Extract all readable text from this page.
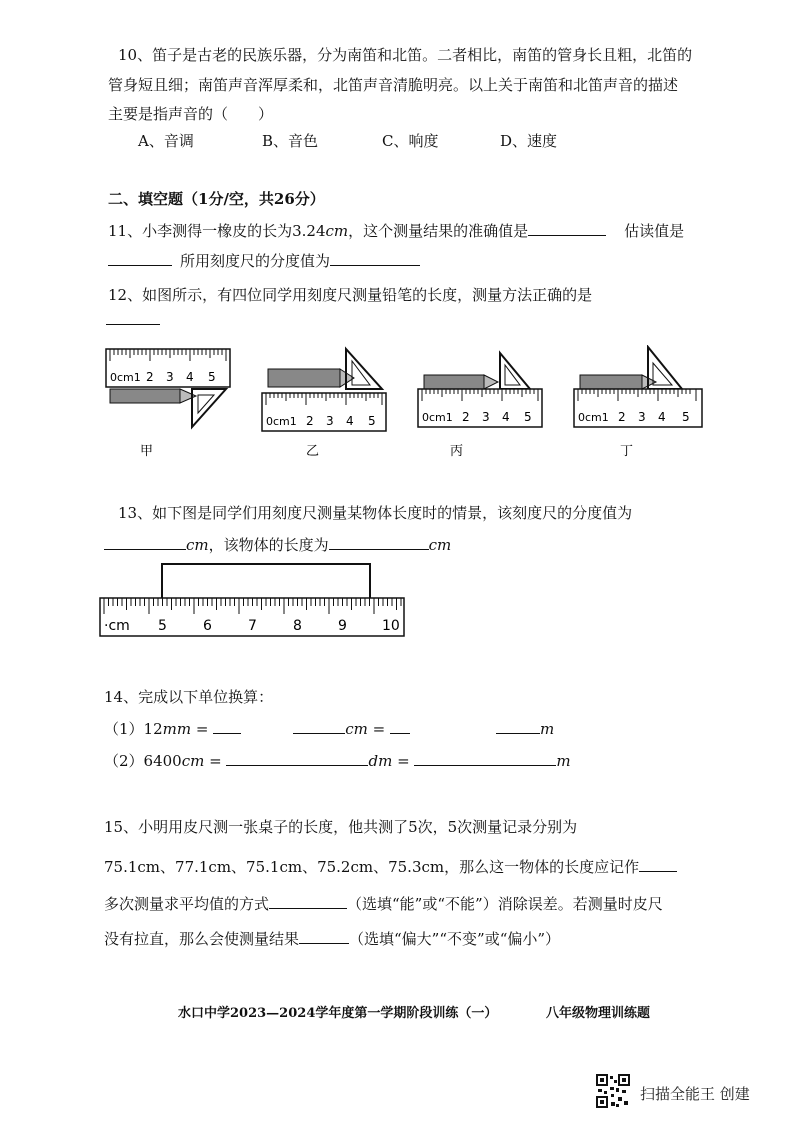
10、笛子是古老的民族乐器，分为南笛和北笛。二者相比，南笛的管身长且粗，北笛的
管身短且细；南笛声音浑厚柔和，北笛声音清脆明亮。以上关于南笛和北笛声音的描述
主要是指声音的（　　）
A、音调	B、音色	C、响度	D、速度
二、填空题（1分/空，共26分）
11、小李测得一橡皮的长为3.24cm，这个测量结果的准确值是	估读值是
所用刻度尺的分度值为
12、如图所示，有四位同学用刻度尺测量铅笔的长度，测量方法正确的是
0cm1 2 3 4 5
甲
0cm1 2 3 4 5
乙
0cm1 2 3 4 5
丙
0cm1 2 3 4 5
丁
13、如下图是同学们用刻度尺测量某物体长度时的情景，该刻度尺的分度值为
cm，该物体的长度为	cm
·cm 5	6	7	8	9	10
14、完成以下单位换算：
（1）12mm =	cm =	m
（2）6400cm =	dm =	m
15、小明用皮尺测一张桌子的长度，他共测了5次，5次测量记录分别为
75.1cm、77.1cm、75.1cm、75.2cm、75.3cm，那么这一物体的长度应记作
多次测量求平均值的方式	（选填“能”或“不能”）消除误差。若测量时皮尺
没有拉直，那么会使测量结果	（选填“偏大”“不变”或“偏小”）
水口中学2023—2024学年度第一学期阶段训练（一）	八年级物理训练题
扫描全能王 创建
